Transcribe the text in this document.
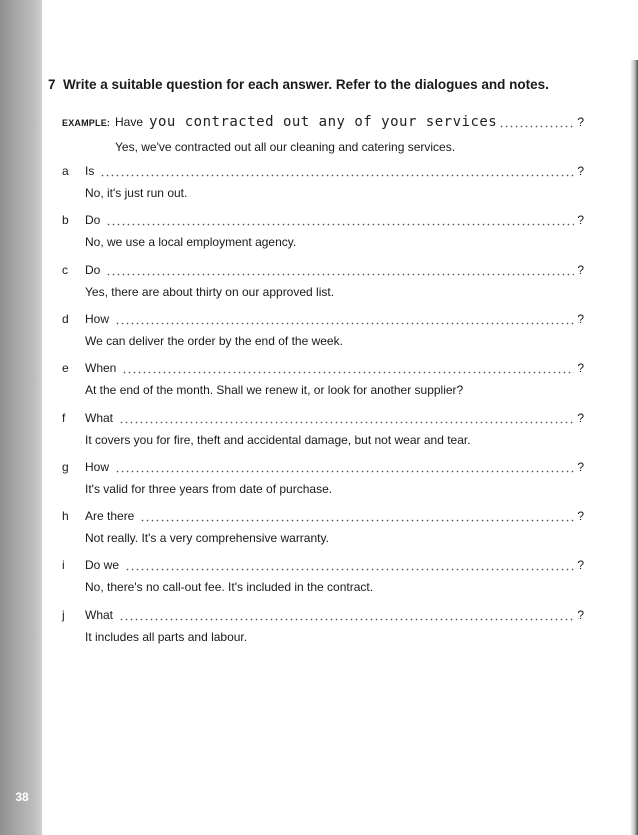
38
7 Write a suitable question for each answer. Refer to the dialogues and notes.
EXAMPLE: Have you contracted out any of your services	?
Yes, we've contracted out all our cleaning and catering services.
a	Is	?
No, it's just run out.
b	Do	?
No, we use a local employment agency.
c	Do	?
Yes, there are about thirty on our approved list.
d	How	?
We can deliver the order by the end of the week.
e	When	?
At the end of the month. Shall we renew it, or look for another supplier?
f	What	?
It covers you for fire, theft and accidental damage, but not wear and tear.
g	How	?
It's valid for three years from date of purchase.
h	Are there	?
Not really. It's a very comprehensive warranty.
i	Do we	?
No, there's no call-out fee. It's included in the contract.
j	What	?
It includes all parts and labour.
